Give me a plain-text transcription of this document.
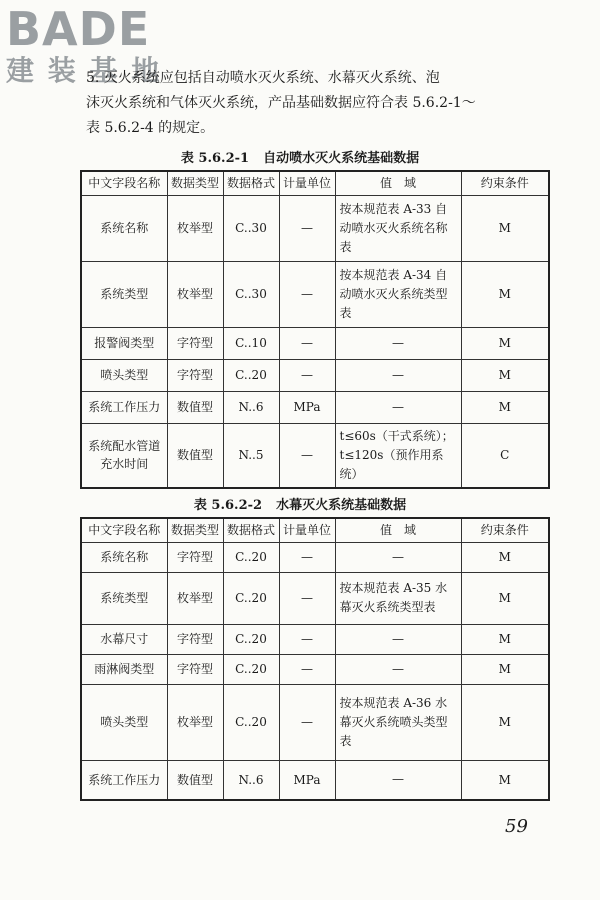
BADE
建 装 基 地

5. 灭火系统应包括自动喷水灭火系统、水幕灭火系统、泡

沫灭火系统和气体灭火系统，产品基础数据应符合表 5.6.2-1～

表 5.6.2-4 的规定。

表 5.6.2-1 自动喷水灭火系统基础数据
中文字段名称	数据类型	数据格式	计量单位	值　域	约束条件
系统名称	枚举型	C..30	—	按本规范表 A-33 自动喷水灭火系统名称表	M
系统类型	枚举型	C..30	—	按本规范表 A-34 自动喷水灭火系统类型表	M
报警阀类型	字符型	C..10	—	—	M
喷头类型	字符型	C..20	—	—	M
系统工作压力	数值型	N..6	MPa	—	M
系统配水管道充水时间	数值型	N..5	—	t≤60s（干式系统）；t≤120s（预作用系统）	C
表 5.6.2-2 水幕灭火系统基础数据
中文字段名称	数据类型	数据格式	计量单位	值　域	约束条件
系统名称	字符型	C..20	—	—	M
系统类型	枚举型	C..20	—	按本规范表 A-35 水幕灭火系统类型表	M
水幕尺寸	字符型	C..20	—	—	M
雨淋阀类型	字符型	C..20	—	—	M
喷头类型	枚举型	C..20	—	按本规范表 A-36 水幕灭火系统喷头类型表	M
系统工作压力	数值型	N..6	MPa	—	M
59
